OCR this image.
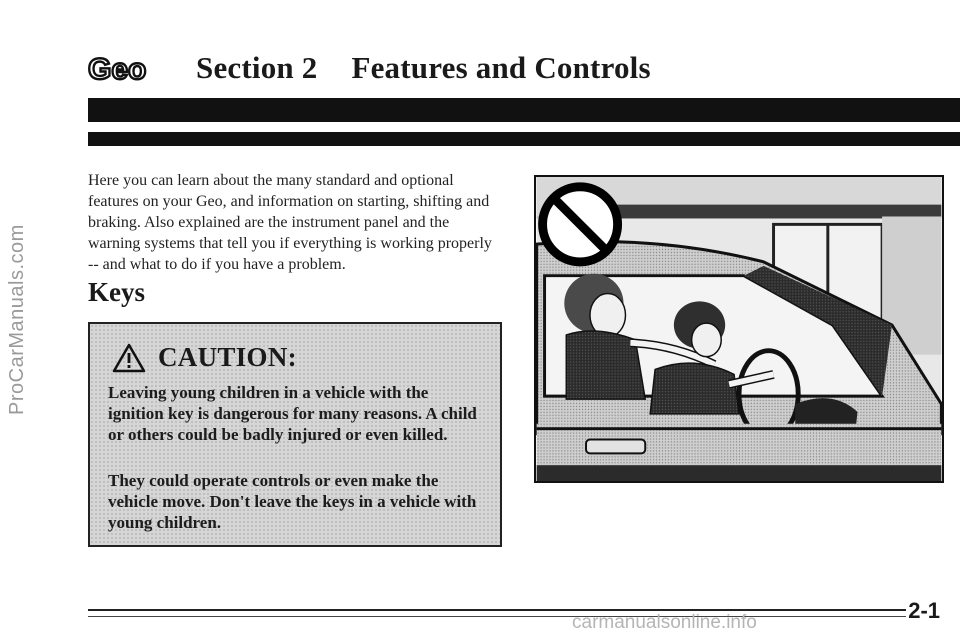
ProCarManuals.com
Geo Section 2 Features and Controls

Here you can learn about the many standard and optional features on your Geo, and information on starting, shifting and braking. Also explained are the instrument panel and the warning systems that tell you if everything is working properly -- and what to do if you have a problem.

Keys
CAUTION:

Leaving young children in a vehicle with the ignition key is dangerous for many reasons. A child or others could be badly injured or even killed.

They could operate controls or even make the vehicle move. Don't leave the keys in a vehicle with young children.

2-1
carmanualsonline.info
